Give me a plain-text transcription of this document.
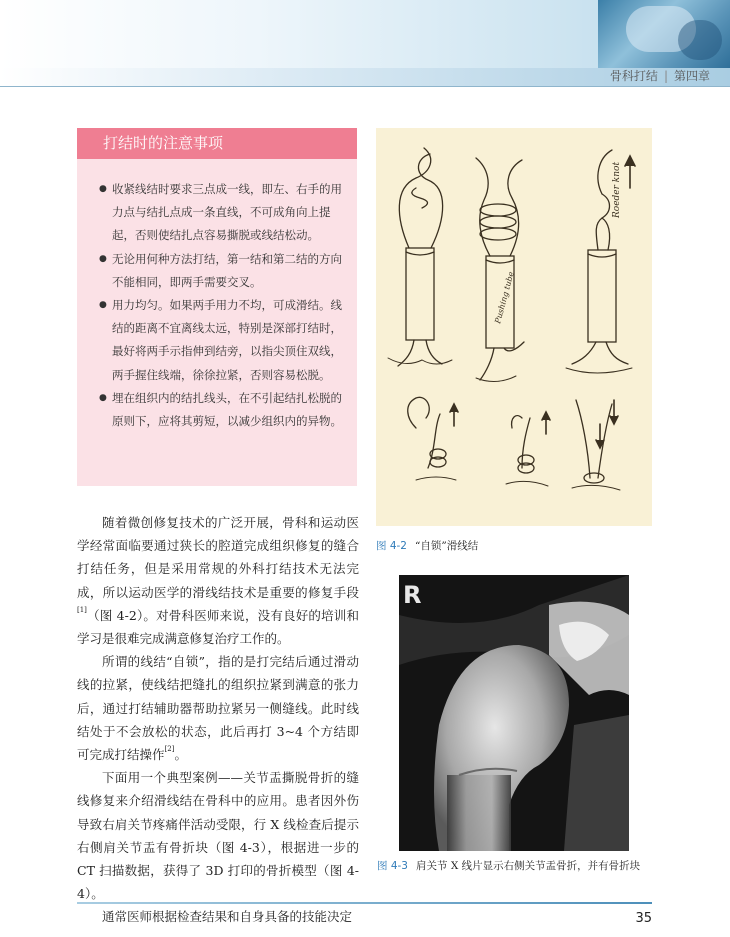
骨科打结 | 第四章
打结时的注意事项
● 收紧线结时要求三点成一线，即左、右手的用力点与结扎点成一条直线，不可成角向上提起，否则使结扎点容易撕脱或线结松动。
● 无论用何种方法打结，第一结和第二结的方向不能相同，即两手需要交叉。
● 用力均匀。如果两手用力不均，可成滑结。线结的距离不宜离线太远，特别是深部打结时，最好将两手示指伸到结旁，以指尖顶住双线，两手握住线端，徐徐拉紧，否则容易松脱。
● 埋在组织内的结扎线头，在不引起结扎松脱的原则下，应将其剪短，以减少组织内的异物。

随着微创修复技术的广泛开展，骨科和运动医学经常面临要通过狭长的腔道完成组织修复的缝合打结任务，但是采用常规的外科打结技术无法完成，所以运动医学的滑线结技术是重要的修复手段[1]（图 4-2）。对骨科医师来说，没有良好的培训和学习是很难完成满意修复治疗工作的。

所谓的线结“自锁”，指的是打完结后通过滑动线的拉紧，使线结把缝扎的组织拉紧到满意的张力后，通过打结辅助器帮助拉紧另一侧缝线。此时线结处于不会放松的状态，此后再打 3~4 个方结即可完成打结操作[2]。

下面用一个典型案例——关节盂撕脱骨折的缝线修复来介绍滑线结在骨科中的应用。患者因外伤导致右肩关节疼痛伴活动受限，行 X 线检查后提示右侧肩关节盂有骨折块（图 4-3），根据进一步的 CT 扫描数据，获得了 3D 打印的骨折模型（图 4-4）。

通常医师根据检查结果和自身具备的技能决定

Roeder knot
Pushing tube
图 4-2 “自锁”滑线结
R
图 4-3 肩关节 X 线片显示右侧关节盂骨折，并有骨折块
35
